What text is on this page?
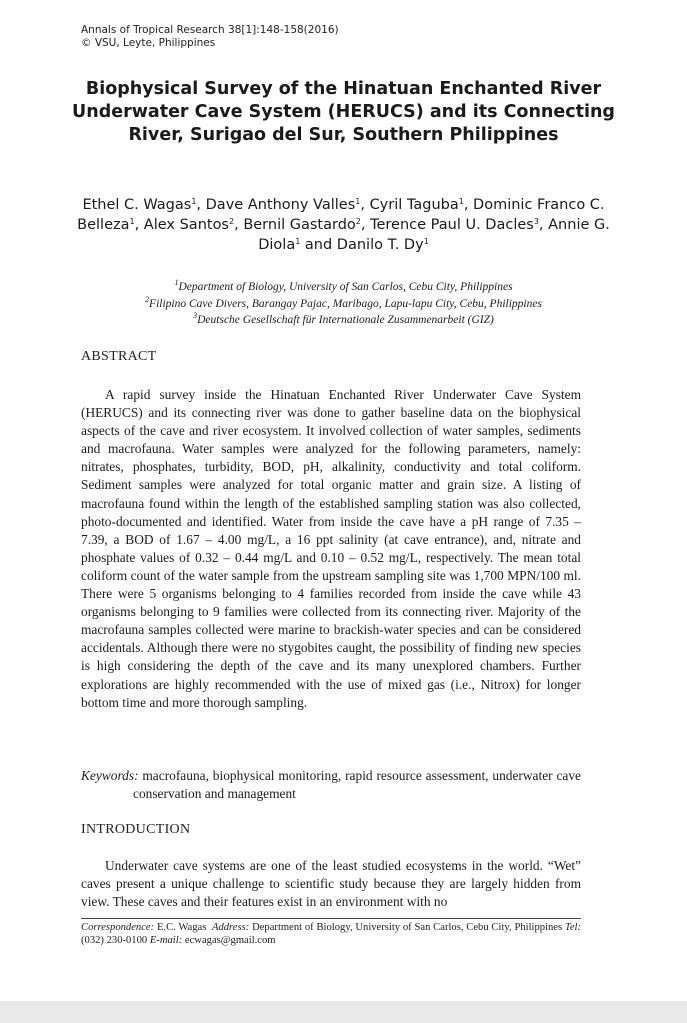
Annals of Tropical Research 38[1]:148-158(2016)
© VSU, Leyte, Philippines
Biophysical Survey of the Hinatuan Enchanted River Underwater Cave System (HERUCS) and its Connecting River, Surigao del Sur, Southern Philippines
Ethel C. Wagas$^1$, Dave Anthony Valles$^1$, Cyril Taguba$^1$, Dominic Franco C. Belleza$^1$, Alex Santos$^2$, Bernil Gastardo$^2$, Terence Paul U. Dacles$^3$, Annie G. Diola$^1$ and Danilo T. Dy$^1$
$^1$Department of Biology, University of San Carlos, Cebu City, Philippines
$^2$Filipino Cave Divers, Barangay Pajac, Maribago, Lapu-lapu City, Cebu, Philippines
$^3$Deutsche Gesellschaft für Internationale Zusammenarbeit (GIZ)
ABSTRACT

A rapid survey inside the Hinatuan Enchanted River Underwater Cave System (HERUCS) and its connecting river was done to gather baseline data on the biophysical aspects of the cave and river ecosystem. It involved collection of water samples, sediments and macrofauna. Water samples were analyzed for the following parameters, namely: nitrates, phosphates, turbidity, BOD, pH, alkalinity, conductivity and total coliform. Sediment samples were analyzed for total organic matter and grain size. A listing of macrofauna found within the length of the established sampling station was also collected, photo-documented and identified. Water from inside the cave have a pH range of 7.35 – 7.39, a BOD of 1.67 – 4.00 mg/L, a 16 ppt salinity (at cave entrance), and, nitrate and phosphate values of 0.32 – 0.44 mg/L and 0.10 – 0.52 mg/L, respectively. The mean total coliform count of the water sample from the upstream sampling site was 1,700 MPN/100 ml. There were 5 organisms belonging to 4 families recorded from inside the cave while 43 organisms belonging to 9 families were collected from its connecting river. Majority of the macrofauna samples collected were marine to brackish-water species and can be considered accidentals. Although there were no stygobites caught, the possibility of finding new species is high considering the depth of the cave and its many unexplored chambers. Further explorations are highly recommended with the use of mixed gas (i.e., Nitrox) for longer bottom time and more thorough sampling.

Keywords: macrofauna, biophysical monitoring, rapid resource assessment, underwater cave conservation and management

INTRODUCTION

Underwater cave systems are one of the least studied ecosystems in the world. “Wet” caves present a unique challenge to scientific study because they are largely hidden from view. These caves and their features exist in an environment with no

Correspondence: E.C. Wagas Address: Department of Biology, University of San Carlos, Cebu City, Philippines Tel: (032) 230-0100 E-mail: ecwagas@gmail.com
